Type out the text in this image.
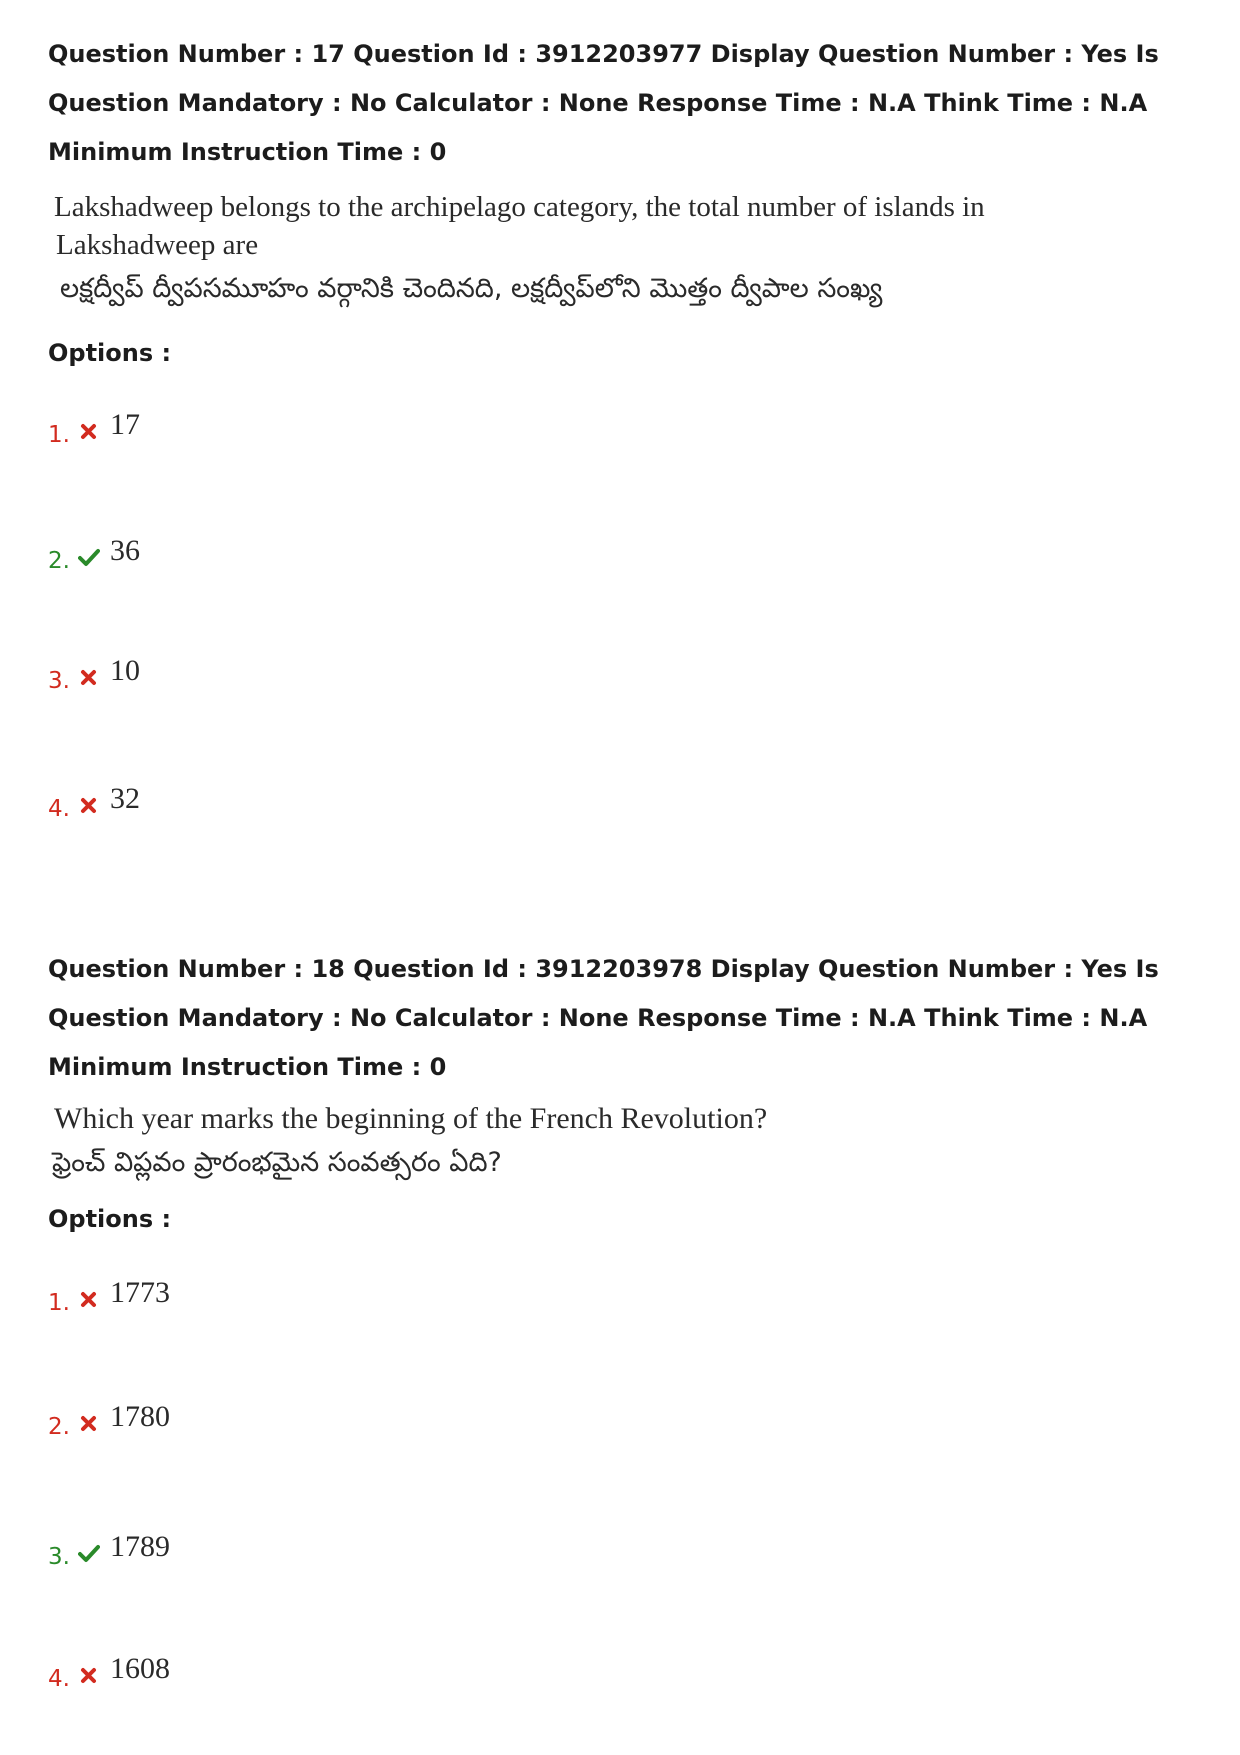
Question Number : 17 Question Id : 3912203977 Display Question Number : Yes Is Question Mandatory : No Calculator : None Response Time : N.A Think Time : N.A Minimum Instruction Time : 0

Lakshadweep belongs to the archipelago category, the total number of islands in
Lakshadweep are
లక్షద్వీప్ ద్వీపసమూహం వర్గానికి చెందినది, లక్షద్వీప్‌లోని మొత్తం ద్వీపాల సంఖ్య
Options :
1. 17
2. 36
3. 10
4. 32

Question Number : 18 Question Id : 3912203978 Display Question Number : Yes Is Question Mandatory : No Calculator : None Response Time : N.A Think Time : N.A Minimum Instruction Time : 0

Which year marks the beginning of the French Revolution?
ఫ్రెంచ్ విప్లవం ప్రారంభమైన సంవత్సరం ఏది?
Options :
1. 1773
2. 1780
3. 1789
4. 1608
